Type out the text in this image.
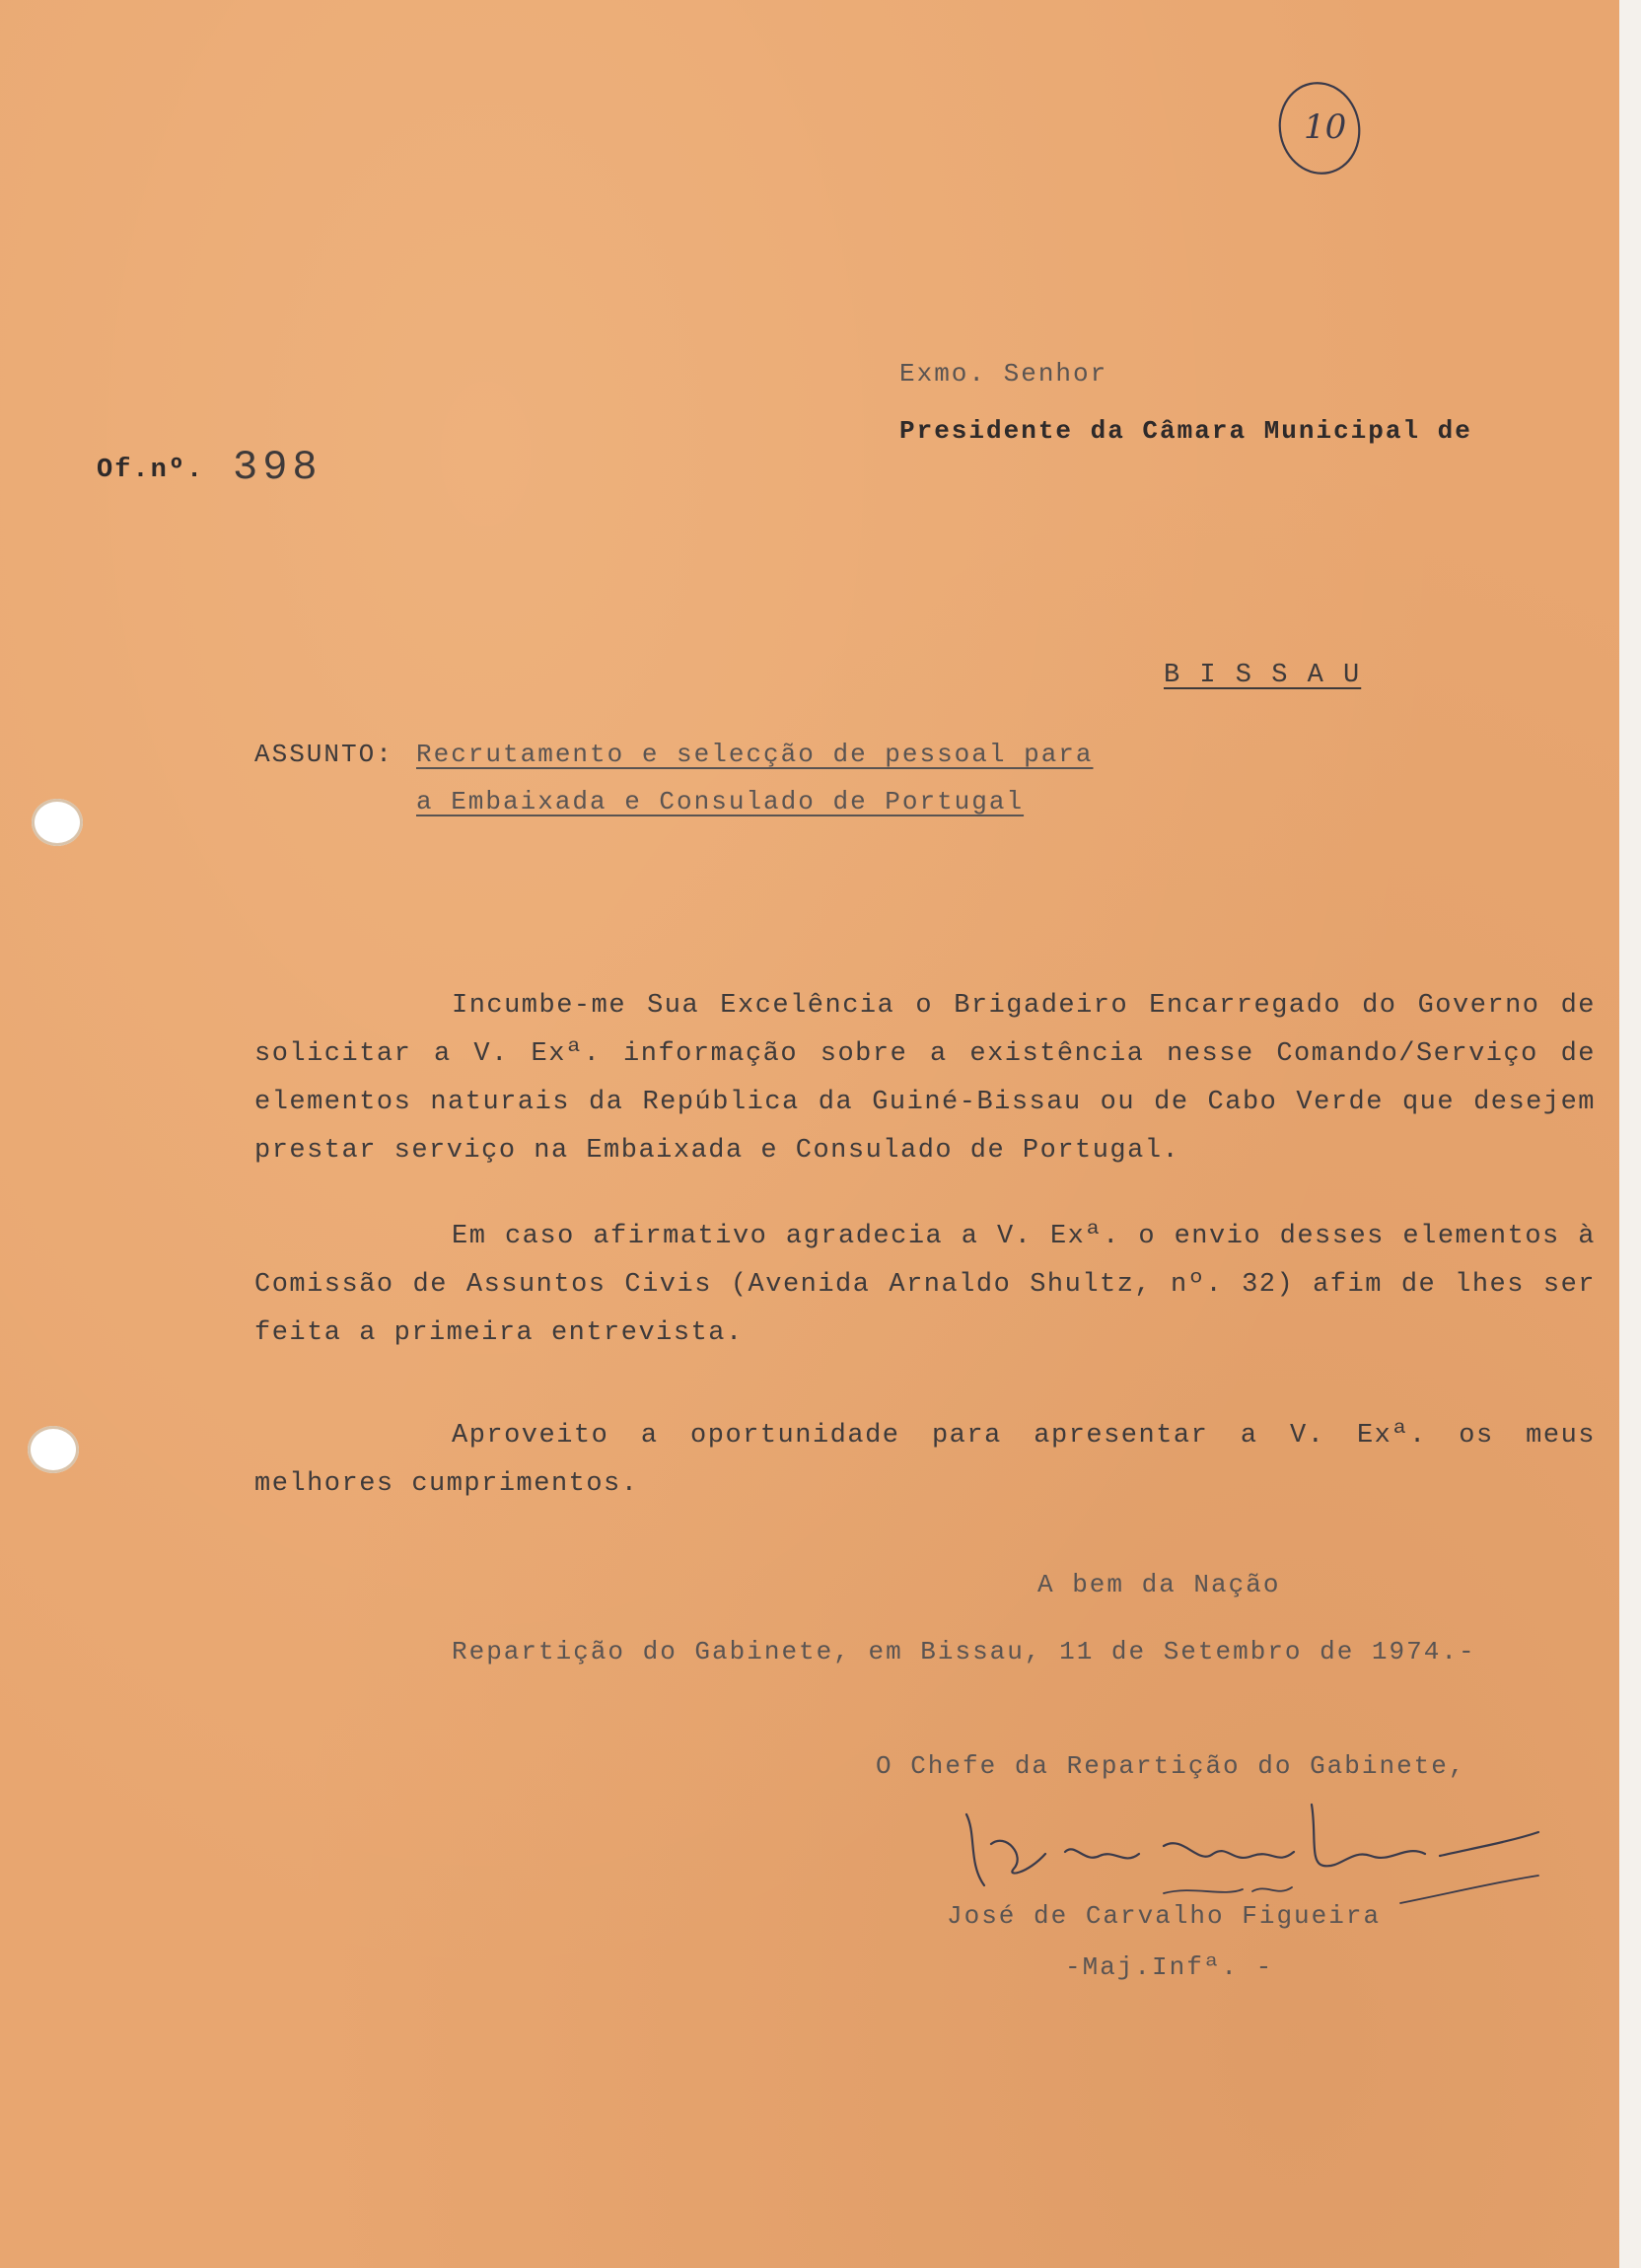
10
Exmo. Senhor
Presidente da Câmara Municipal de
Of.nº. 398
B I S S A U
ASSUNTO: Recrutamento e selecção de pessoal para
a Embaixada e Consulado de Portugal
Incumbe-me Sua Excelência o Brigadeiro Encarregado do Governo de solicitar a V. Exª. informação sobre a existência nesse Comando/Serviço de elementos naturais da República da Guiné-Bissau ou de Cabo Verde que desejem prestar serviço na Embaixada e Consulado de Portugal.
Em caso afirmativo agradecia a V. Exª. o envio desses elementos à Comissão de Assuntos Civis (Avenida Arnaldo Shultz, nº. 32) afim de lhes ser feita a primeira entrevista.
Aproveito a oportunidade para apresentar a V. Exª. os meus melhores cumprimentos.
A bem da Nação
Repartição do Gabinete, em Bissau, 11 de Setembro de 1974.-
O Chefe da Repartição do Gabinete,
José de Carvalho Figueira
-Maj.Infª. -
